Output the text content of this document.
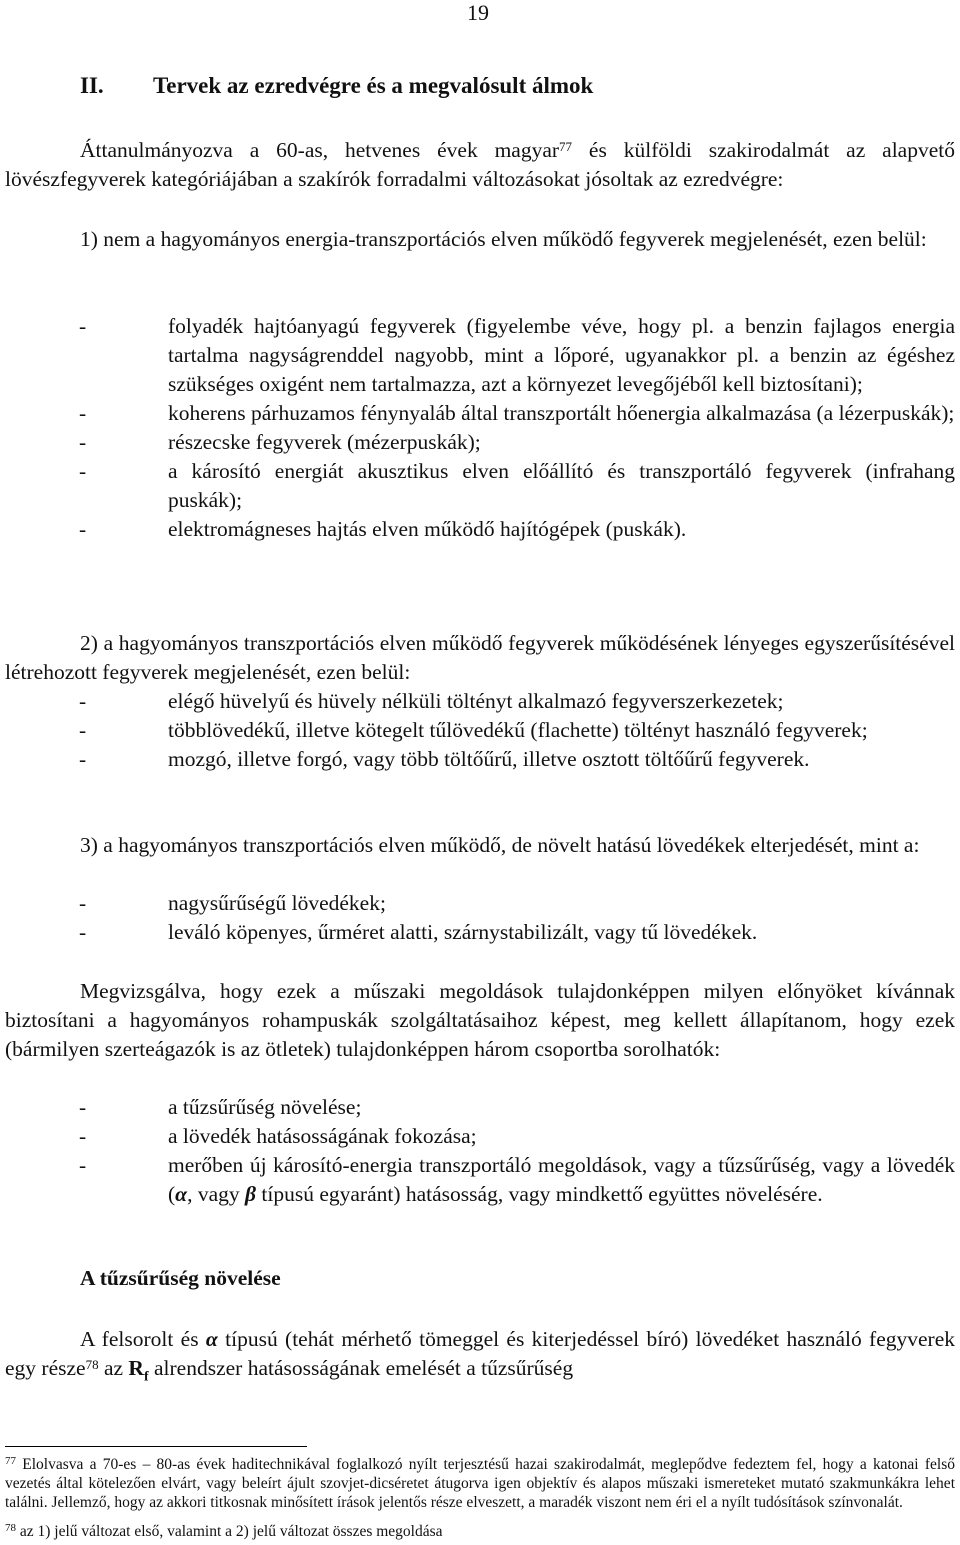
19
II. Tervek az ezredvégre és a megvalósult álmok

Áttanulmányozva a 60-as, hetvenes évek magyar$^{77}$ és külföldi szakirodalmát az alapvető lövészfegyverek kategóriájában a szakírók forradalmi változásokat jósoltak az ezredvégre:

1) nem a hagyományos energia-transzportációs elven működő fegyverek megjelenését, ezen belül:

-	folyadék hajtóanyagú fegyverek (figyelembe véve, hogy pl. a benzin fajlagos energia tartalma nagyságrenddel nagyobb, mint a lőporé, ugyanakkor pl. a benzin az égéshez szükséges oxigént nem tartalmazza, azt a környezet levegőjéből kell biztosítani);
-	koherens párhuzamos fénynyaláb által transzportált hőenergia alkalmazása (a lézerpuskák);
-	részecske fegyverek (mézerpuskák);
-	a károsító energiát akusztikus elven előállító és transzportáló fegyverek (infrahang puskák);
-	elektromágneses hajtás elven működő hajítógépek (puskák).

2) a hagyományos transzportációs elven működő fegyverek működésének lényeges egyszerűsítésével létrehozott fegyverek megjelenését, ezen belül:

-	elégő hüvelyű és hüvely nélküli töltényt alkalmazó fegyverszerkezetek;
-	többlövedékű, illetve kötegelt tűlövedékű (flachette) töltényt használó fegyverek;
-	mozgó, illetve forgó, vagy több töltőűrű, illetve osztott töltőűrű fegyverek.

3) a hagyományos transzportációs elven működő, de növelt hatású lövedékek elterjedését, mint a:

-	nagysűrűségű lövedékek;
-	leváló köpenyes, űrméret alatti, szárnystabilizált, vagy tű lövedékek.

Megvizsgálva, hogy ezek a műszaki megoldások tulajdonképpen milyen előnyöket kívánnak biztosítani a hagyományos rohampuskák szolgáltatásaihoz képest, meg kellett állapítanom, hogy ezek (bármilyen szerteágazók is az ötletek) tulajdonképpen három csoportba sorolhatók:

-	a tűzsűrűség növelése;
-	a lövedék hatásosságának fokozása;
-	merőben új károsító-energia transzportáló megoldások, vagy a tűzsűrűség, vagy a lövedék (α, vagy β típusú egyaránt) hatásosság, vagy mindkettő együttes növelésére.
A tűzsűrűség növelése

A felsorolt és α típusú (tehát mérhető tömeggel és kiterjedéssel bíró) lövedéket használó fegyverek egy része$^{78}$ az $R_f$ alrendszer hatásosságának emelését a tűzsűrűség

$^{77}$ Elolvasva a 70-es – 80-as évek haditechnikával foglalkozó nyílt terjesztésű hazai szakirodalmát, meglepődve fedeztem fel, hogy a katonai felső vezetés által kötelezően elvárt, vagy beleírt ájult szovjet-dicséretet átugorva igen objektív és alapos műszaki ismereteket mutató szakmunkákra lehet találni. Jellemző, hogy az akkori titkosnak minősített írások jelentős része elveszett, a maradék viszont nem éri el a nyílt tudósítások színvonalát.

$^{78}$ az 1) jelű változat első, valamint a 2) jelű változat összes megoldása
